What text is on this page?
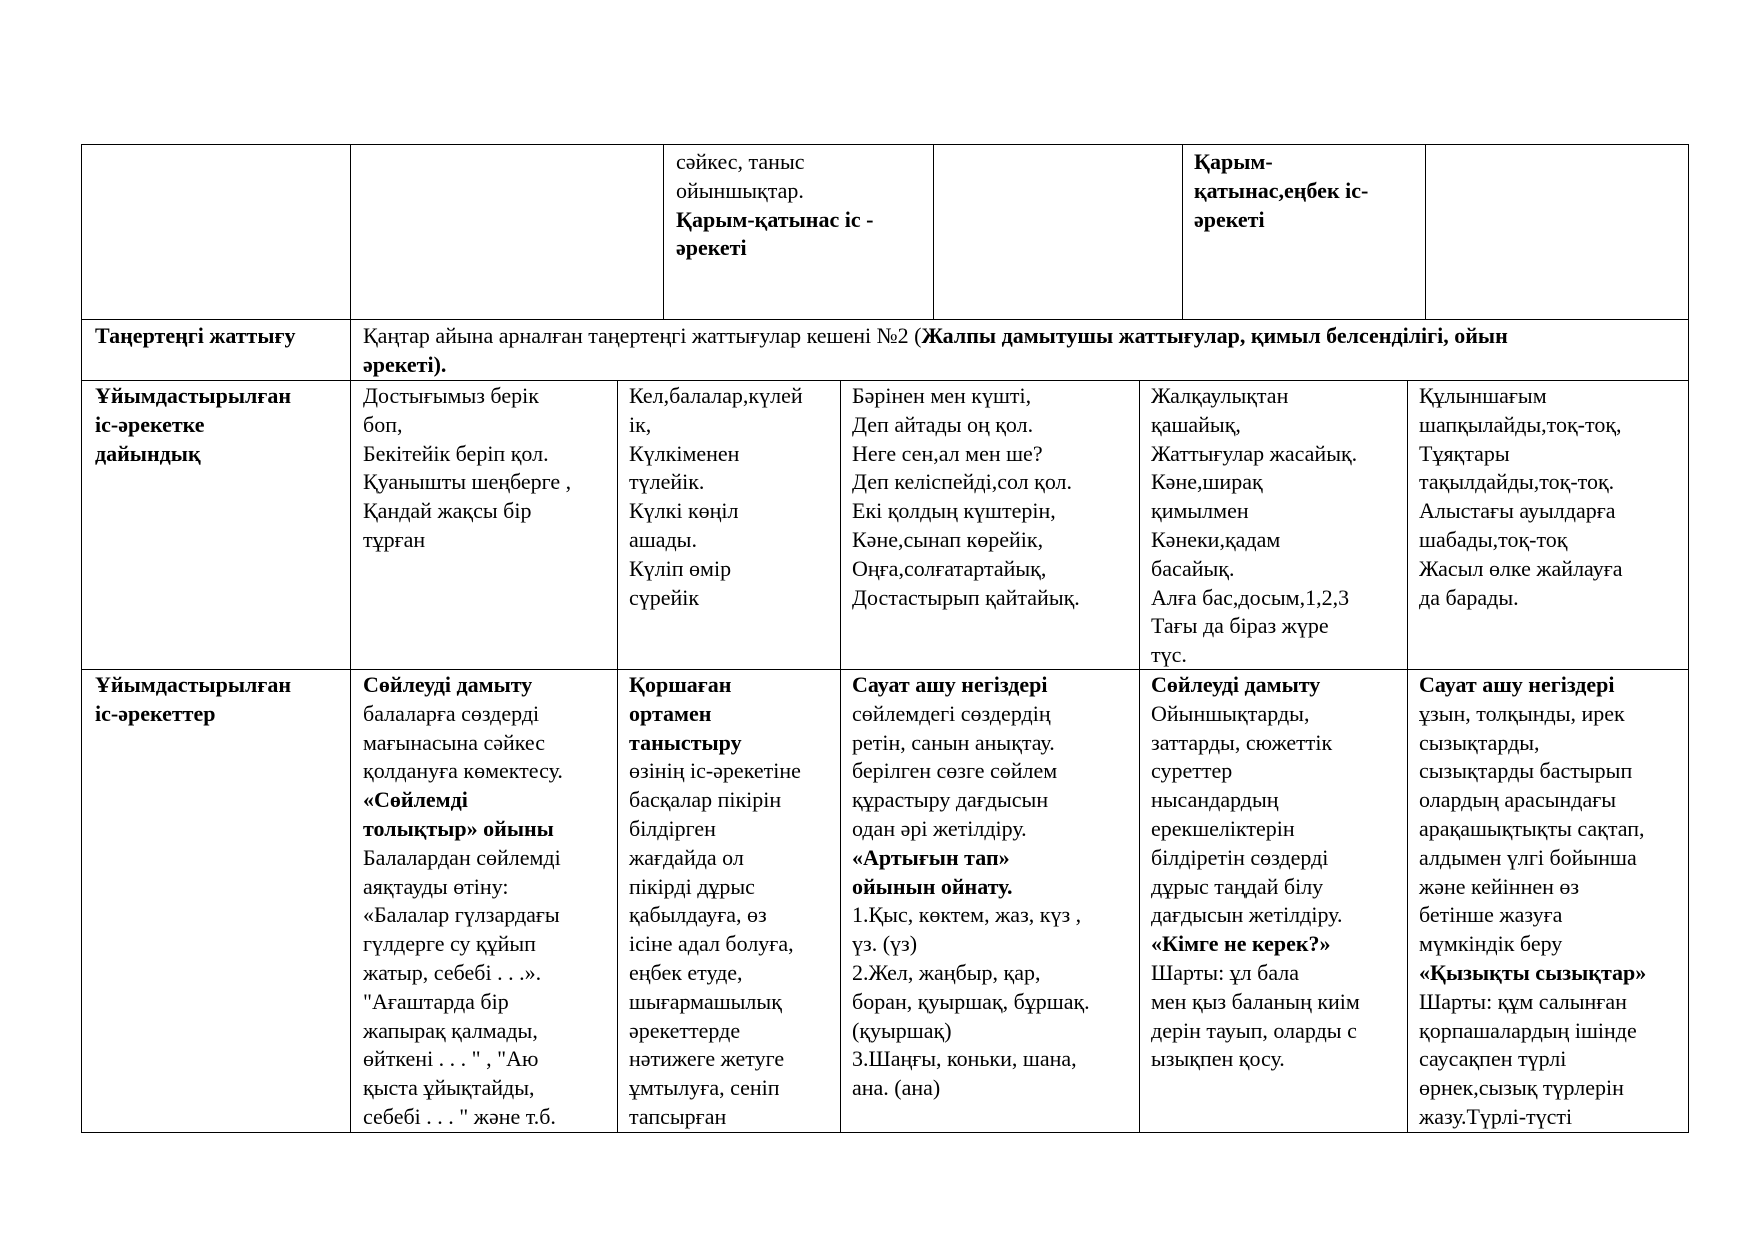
сәйкес, таныс
ойыншықтар.
Қарым-қатынас іс -
әрекеті
Қарым-
қатынас,еңбек іс-
әрекеті
Таңертеңгі жаттығу	Қаңтар айына арналған таңертеңгі жаттығулар кешені №2 (Жалпы дамытушы жаттығулар, қимыл белсенділігі, ойын
әрекеті).
Ұйымдастырылған
іс-әрекетке
дайындық
Достығымыз берік
боп,
Бекітейік беріп қол.
Қуанышты шеңберге ,
Қандай жақсы бір
тұрған
Кел,балалар,күлей
ік,
Күлкіменен
түлейік.
Күлкі көңіл
ашады.
Күліп өмір
сүрейік
Бәрінен мен күшті,
Деп айтады оң қол.
Неге сен,ал мен ше?
Деп келіспейді,сол қол.
Екі қолдың күштерін,
Кәне,сынап көрейік,
Оңға,солғатартайық,
Достастырып қайтайық.
Жалқаулықтан
қашайық,
Жаттығулар жасайық.
Кәне,ширақ
қимылмен
Кәнеки,қадам
басайық.
Алға бас,досым,1,2,3
Тағы да біраз жүре
түс.
Құлыншағым
шапқылайды,тоқ-тоқ,
Тұяқтары
тақылдайды,тоқ-тоқ.
Алыстағы ауылдарға
шабады,тоқ-тоқ
Жасыл өлке жайлауға
да барады.
Ұйымдастырылған
іс-әрекеттер
Сөйлеуді дамыту
балаларға сөздерді
мағынасына сәйкес
қолдануға көмектесу.
«Сөйлемді
толықтыр» ойыны
Балалардан сөйлемді
аяқтауды өтіну:
«Балалар гүлзардағы
гүлдерге су құйып
жатыр, себебі . . .».
"Ағаштарда бір
жапырақ қалмады,
өйткені . . . " , "Аю
қыста ұйықтайды,
себебі . . . " және т.б.
Қоршаған
ортамен
таныстыру
өзінің іс-әрекетіне
басқалар пікірін
білдірген
жағдайда ол
пікірді дұрыс
қабылдауға, өз
ісіне адал болуға,
еңбек етуде,
шығармашылық
әрекеттерде
нәтижеге жетуге
ұмтылуға, сеніп
тапсырған
Сауат ашу негіздері
сөйлемдегі сөздердің
ретін, санын анықтау.
берілген сөзге сөйлем
құрастыру дағдысын
одан әрі жетілдіру.
«Артығын тап»
ойынын ойнату.
1.Қыс, көктем, жаз, күз ,
үз. (үз)
2.Жел, жаңбыр, қар,
боран, қуыршақ, бұршақ.
(қуыршақ)
3.Шаңғы, коньки, шана,
ана. (ана)
Сөйлеуді дамыту
Ойыншықтарды,
заттарды, сюжеттік
суреттер
нысандардың
ерекшеліктерін
білдіретін сөздерді
дұрыс таңдай білу
дағдысын жетілдіру.
«Кімге не керек?»
Шарты: ұл бала
мен қыз баланың киім
дерін тауып, оларды с
ызықпен қосу.
Сауат ашу негіздері
ұзын, толқынды, ирек
сызықтарды,
сызықтарды бастырып
олардың арасындағы
арақашықтықты сақтап,
алдымен үлгі бойынша
және кейіннен өз
бетінше жазуға
мүмкіндік беру
«Қызықты сызықтар»
Шарты: құм салынған
қорпашалардың ішінде
саусақпен түрлі
өрнек,сызық түрлерін
жазу.Түрлі-түсті
